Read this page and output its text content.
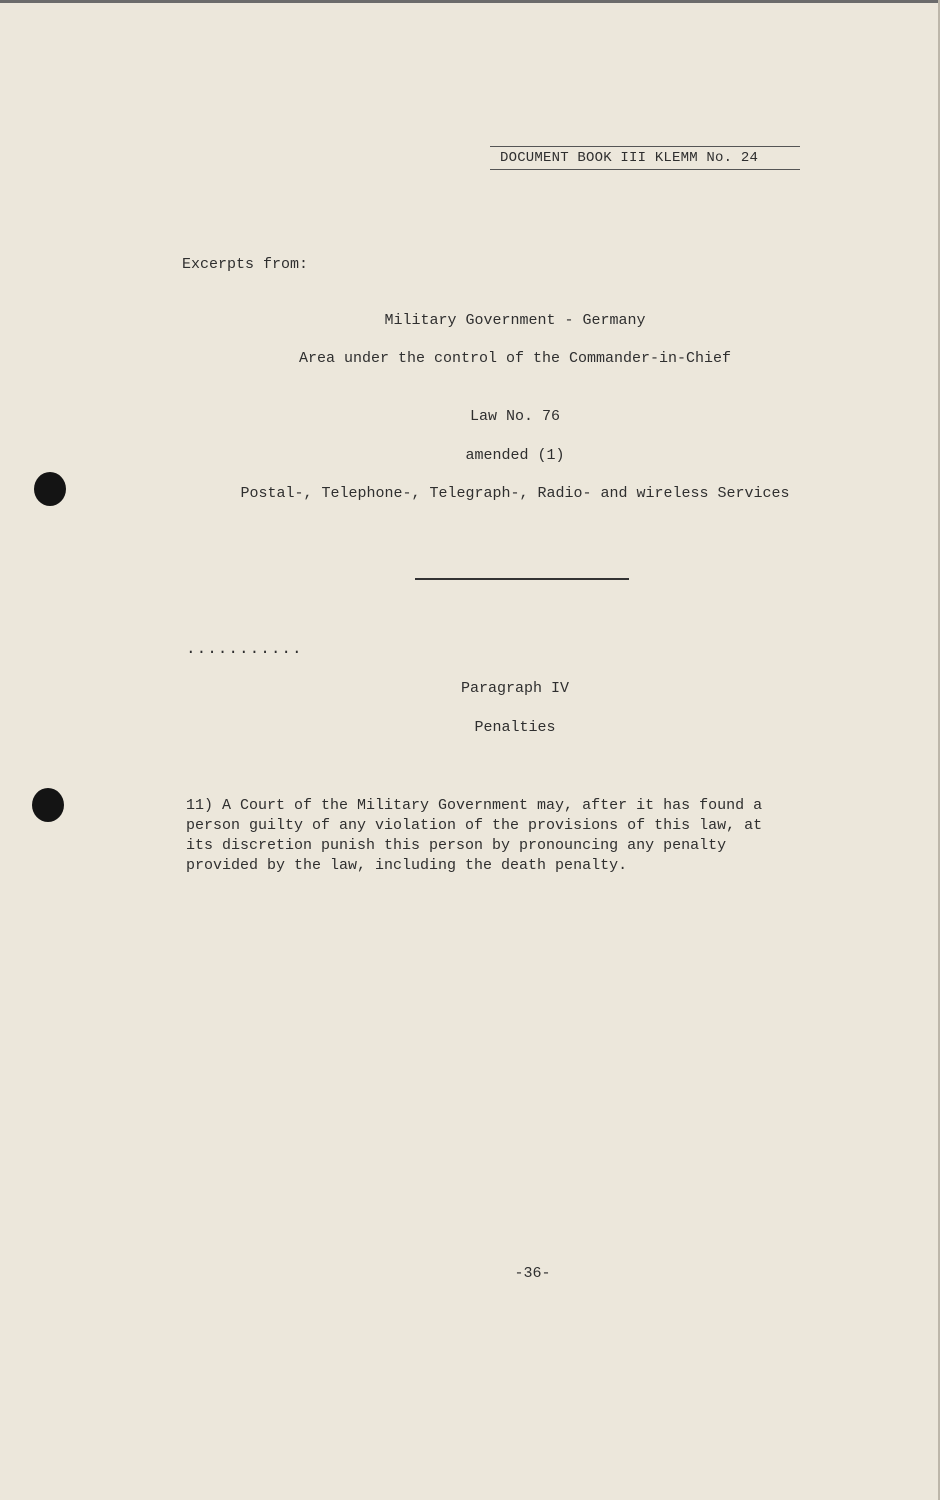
DOCUMENT BOOK III KLEMM No. 24
Excerpts from:
Military Government - Germany
Area under the control of the Commander-in-Chief
Law No. 76
amended (1)
Postal-, Telephone-, Telegraph-, Radio- and wireless Services
...........
Paragraph IV
Penalties
11) A Court of the Military Government may, after it has found a
person guilty of any violation of the provisions of this law, at
its discretion punish this person by pronouncing any penalty
provided by the law, including the death penalty.
-36-
